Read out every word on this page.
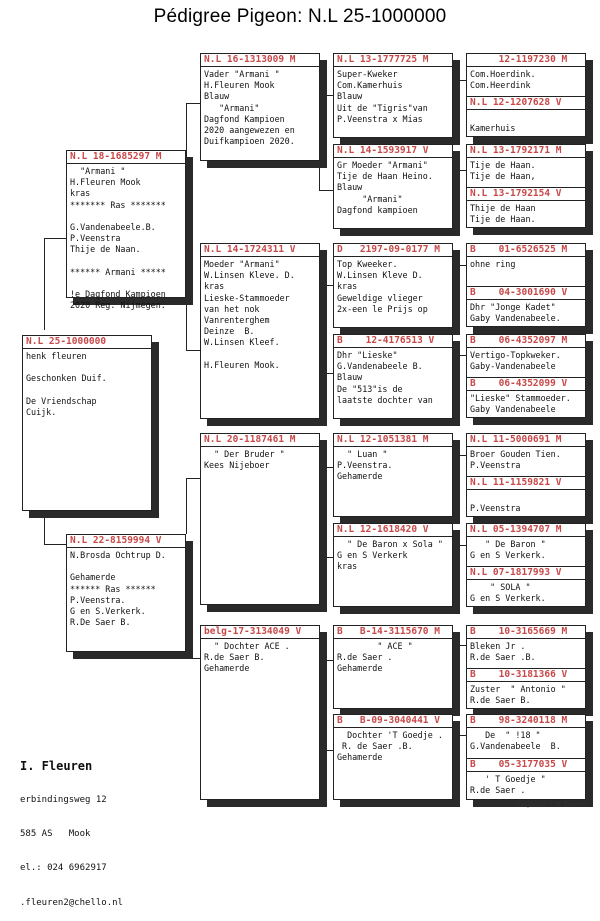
Pédigree Pigeon: N.L 25-1000000
N.L 25-1000000
henk fleuren
Geschonken Duif.
De Vriendschap
Cuijk.
N.L 18-1685297 M
"Armani "
H.Fleuren Mook
kras
******* Ras *******
G.Vandenabeele.B.
P.Veenstra
Thije de Naan.
****** Armani *****
!e Dagfond Kampioen
2020 Reg. Nijmegen.
N.L 22-8159994 V
N.Brosda Ochtrup D.
Gehamerde
****** Ras ******
P.Veenstra.
G en S.Verkerk.
R.De Saer B.
N.L 16-1313009 M
Vader "Armani "
H.Fleuren Mook
Blauw
"Armani"
Dagfond Kampioen
2020 aangewezen en
Duifkampioen 2020.
N.L 14-1724311 V
Moeder "Armani"
W.Linsen Kleve. D.
kras
Lieske-Stammoeder
van het nok
Vanrenterghem
Deinze  B.
W.Linsen Kleef.
H.Fleuren Mook.
N.L 20-1187461 M
" Der Bruder "
Kees Nijeboer
belg-17-3134049 V
" Dochter ACE .
R.de Saer B.
Gehamerde
N.L 13-1777725 M
Super-Kweker
Com.Kamerhuis
Blauw
Uit de "Tigris"van
P.Veenstra x Mias
N.L 14-1593917 V
Gr Moeder "Armani"
Tije de Haan Heino.
Blauw
"Armani"
Dagfond kampioen
D   2197-09-0177 M
Top Kweeker.
W.Linsen Kleve D.
kras
Geweldige vlieger
2x-een le Prijs op
B    12-4176513 V
Dhr "Lieske"
G.Vandenabeele B.
Blauw
De "513"is de
laatste dochter van
N.L 12-1051381 M
" Luan "
P.Veenstra.
Gehamerde
N.L 12-1618420 V
" De Baron x Sola "
G en S Verkerk
kras
B   B-14-3115670 M
" ACE "
R.de Saer .
Gehamerde
B   B-09-3040441 V
Dochter 'T Goedje .
R. de Saer .B.
Gehamerde
12-1197230 M
Com.Hoerdink.
Com.Heerdink
N.L 12-1207628 V
Kamerhuis
N.L 13-1792171 M
Tije de Haan.
Tije de Haan,
N.L 13-1792154 V
Thije de Haan
Tije de Haan.
B    01-6526525 M
ohne ring
B    04-3001690 V
Dhr "Jonge Kadet"
Gaby Vandenabeele.
B    06-4352097 M
Vertigo-Topkweker.
Gaby-Vandenabeele
B    06-4352099 V
"Lieske" Stammoeder.
Gaby Vandenabeele
N.L 11-5000691 M
Broer Gouden Tien.
P.Veenstra
N.L 11-1159821 V
P.Veenstra
N.L 05-1394707 M
" De Baron "
G en S Verkerk.
N.L 07-1817993 V
" SOLA "
G en S Verkerk.
B    10-3165669 M
Bleken Jr .
R.de Saer .B.
B    10-3181366 V
Zuster  " Antonio "
R.de Saer B.
B    98-3240118 M
De  " !18 "
G.Vandenabeele  B.
B    05-3177035 V
' T Goedje "
R.de Saer .

I. Fleuren

erbindingsweg 12

585 AS   Mook

el.: 024 6962917

.fleuren2@chello.nl

Compuclub © H. Fleuren
